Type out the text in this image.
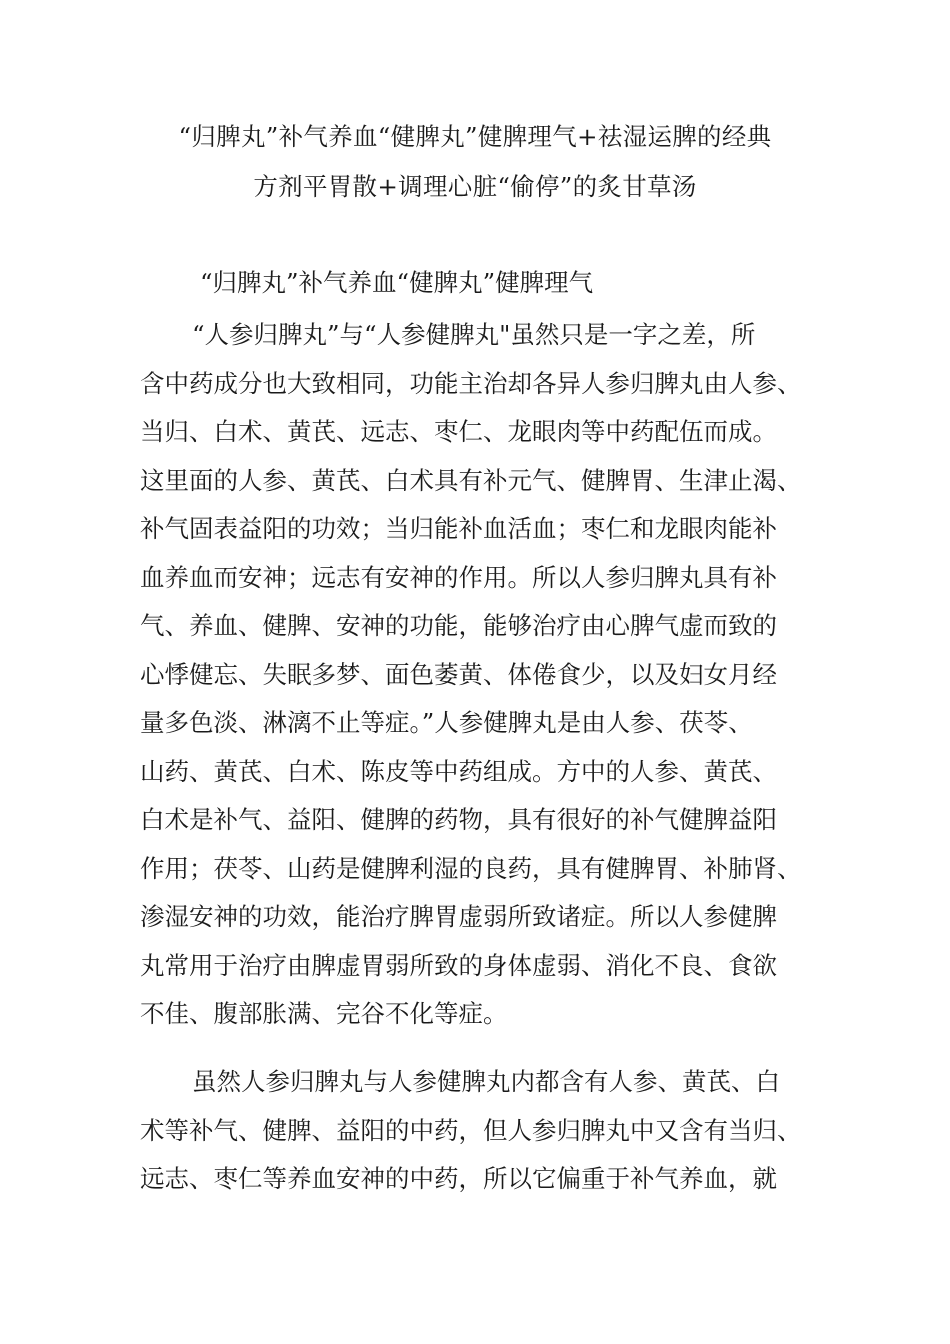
“归脾丸”补气养血“健脾丸”健脾理气+祛湿运脾的经典
方剂平胃散+调理心脏“偷停”的炙甘草汤
“归脾丸”补气养血“健脾丸”健脾理气
“人参归脾丸”与“人参健脾丸"虽然只是一字之差，所
含中药成分也大致相同，功能主治却各异人参归脾丸由人参、
当归、白术、黄芪、远志、枣仁、龙眼肉等中药配伍而成。
这里面的人参、黄芪、白术具有补元气、健脾胃、生津止渴、
补气固表益阳的功效；当归能补血活血；枣仁和龙眼肉能补
血养血而安神；远志有安神的作用。所以人参归脾丸具有补
气、养血、健脾、安神的功能，能够治疗由心脾气虚而致的
心悸健忘、失眠多梦、面色萎黄、体倦食少，以及妇女月经
量多色淡、淋漓不止等症。”人参健脾丸是由人参、茯苓、
山药、黄芪、白术、陈皮等中药组成。方中的人参、黄芪、
白术是补气、益阳、健脾的药物，具有很好的补气健脾益阳
作用；茯苓、山药是健脾利湿的良药，具有健脾胃、补肺肾、
渗湿安神的功效，能治疗脾胃虚弱所致诸症。所以人参健脾
丸常用于治疗由脾虚胃弱所致的身体虚弱、消化不良、食欲
不佳、腹部胀满、完谷不化等症。
虽然人参归脾丸与人参健脾丸内都含有人参、黄芪、白
术等补气、健脾、益阳的中药，但人参归脾丸中又含有当归、
远志、枣仁等养血安神的中药，所以它偏重于补气养血，就
